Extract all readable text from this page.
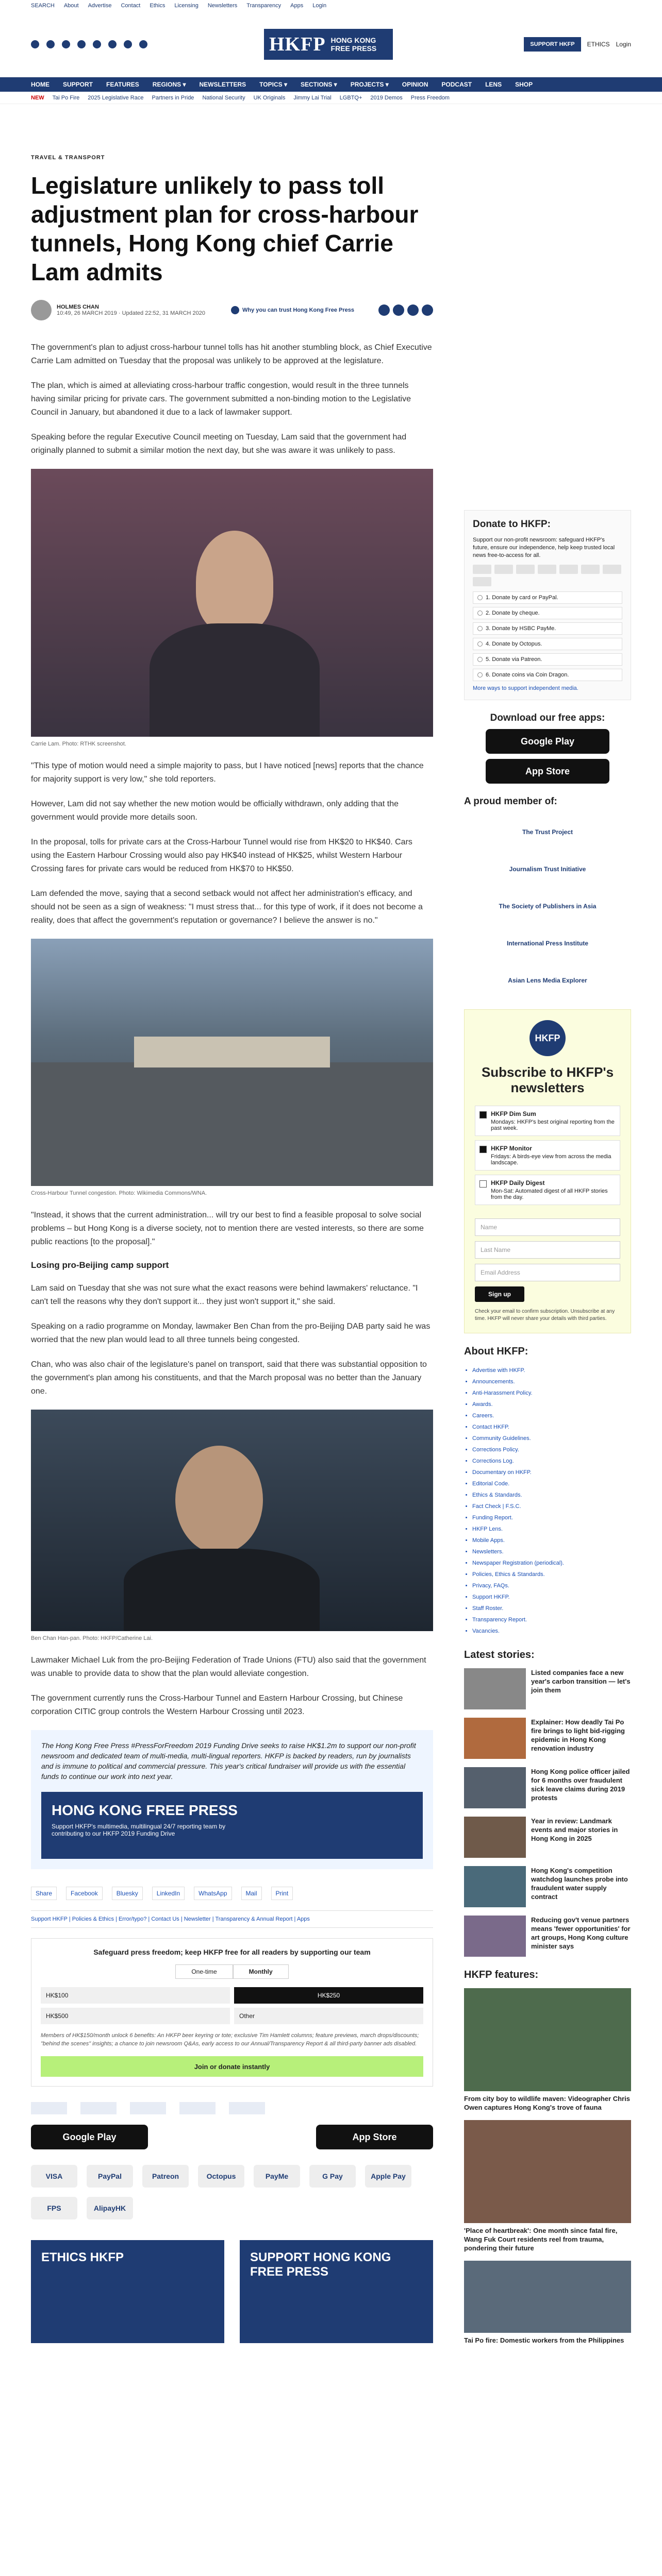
SEARCH About Advertise Contact Ethics Licensing Newsletters Transparency Apps Login
HKFP HONG KONG FREE PRESS	SUPPORT HKFP	ETHICS Login
HOME SUPPORT FEATURES REGIONS ▾ NEWSLETTERS TOPICS ▾ SECTIONS ▾ PROJECTS ▾ OPINION PODCAST LENS SHOP
NEW Tai Po Fire 2025 Legislative Race Partners in Pride National Security UK Originals Jimmy Lai Trial LGBTQ+ 2019 Demos Press Freedom
TRAVEL & TRANSPORT
Legislature unlikely to pass toll adjustment plan for cross-harbour tunnels, Hong Kong chief Carrie Lam admits
HOLMES CHAN
10:49, 26 MARCH 2019 · Updated 22:52, 31 MARCH 2020	Why you can trust Hong Kong Free Press

The government's plan to adjust cross-harbour tunnel tolls has hit another stumbling block, as Chief Executive Carrie Lam admitted on Tuesday that the proposal was unlikely to be approved at the legislature.

The plan, which is aimed at alleviating cross-harbour traffic congestion, would result in the three tunnels having similar pricing for private cars. The government submitted a non-binding motion to the Legislative Council in January, but abandoned it due to a lack of lawmaker support.

Speaking before the regular Executive Council meeting on Tuesday, Lam said that the government had originally planned to submit a similar motion the next day, but she was aware it was unlikely to pass.

Carrie Lam. Photo: RTHK screenshot.

"This type of motion would need a simple majority to pass, but I have noticed [news] reports that the chance for majority support is very low," she told reporters.

However, Lam did not say whether the new motion would be officially withdrawn, only adding that the government would provide more details soon.

In the proposal, tolls for private cars at the Cross-Harbour Tunnel would rise from HK$20 to HK$40. Cars using the Eastern Harbour Crossing would also pay HK$40 instead of HK$25, whilst Western Harbour Crossing fares for private cars would be reduced from HK$70 to HK$50.

Lam defended the move, saying that a second setback would not affect her administration's efficacy, and should not be seen as a sign of weakness: "I must stress that... for this type of work, if it does not become a reality, does that affect the government's reputation or governance? I believe the answer is no."

Cross-Harbour Tunnel congestion. Photo: Wikimedia Commons/WNA.

"Instead, it shows that the current administration... will try our best to find a feasible proposal to solve social problems – but Hong Kong is a diverse society, not to mention there are vested interests, so there are some public reactions [to the proposal]."

Losing pro-Beijing camp support

Lam said on Tuesday that she was not sure what the exact reasons were behind lawmakers' reluctance. "I can't tell the reasons why they don't support it... they just won't support it," she said.

Speaking on a radio programme on Monday, lawmaker Ben Chan from the pro-Beijing DAB party said he was worried that the new plan would lead to all three tunnels being congested.

Chan, who was also chair of the legislature's panel on transport, said that there was substantial opposition to the government's plan among his constituents, and that the March proposal was no better than the January one.

Ben Chan Han-pan. Photo: HKFP/Catherine Lai.

Lawmaker Michael Luk from the pro-Beijing Federation of Trade Unions (FTU) also said that the government was unable to provide data to show that the plan would alleviate congestion.

The government currently runs the Cross-Harbour Tunnel and Eastern Harbour Crossing, but Chinese corporation CITIC group controls the Western Harbour Crossing until 2023.

The Hong Kong Free Press #PressForFreedom 2019 Funding Drive seeks to raise HK$1.2m to support our non-profit newsroom and dedicated team of multi-media, multi-lingual reporters. HKFP is backed by readers, run by journalists and is immune to political and commercial pressure. This year's critical fundraiser will provide us with the essential funds to continue our work into next year.

HONG KONG FREE PRESS
Support HKFP's multimedia, multilingual 24/7 reporting team by contributing to our HKFP 2019 Funding Drive
Share	Facebook	Bluesky	LinkedIn	WhatsApp	Mail	Print
Support HKFP | Policies & Ethics | Error/typo? | Contact Us | Newsletter | Transparency & Annual Report | Apps
Safeguard press freedom; keep HKFP free for all readers by supporting our team
One-time	Monthly
HK$100	HK$250
HK$500	Other
Members of HK$150/month unlock 6 benefits: An HKFP beer keyring or tote; exclusive Tim Hamlett columns; feature previews, march drops/discounts; "behind the scenes" insights; a chance to join newsroom Q&As, early access to our Annual/Transparency Report & all third-party banner ads disabled.
Join or donate instantly
Google Play	App Store
VISA	PayPal	Patreon	Octopus	PayMe	G Pay	Apple Pay
FPS	AlipayHK
ETHICS HKFP	SUPPORT HONG KONG FREE PRESS
Donate to HKFP:

Support our non-profit newsroom: safeguard HKFP's future, ensure our independence, help keep trusted local news free-to-access for all.

1. Donate by card or PayPal.
2. Donate by cheque.
3. Donate by HSBC PayMe.
4. Donate by Octopus.
5. Donate via Patreon.
6. Donate coins via Coin Dragon.
More ways to support independent media.
Download our free apps:
Google Play
App Store
A proud member of:
The Trust Project
Journalism Trust Initiative
The Society of Publishers in Asia
International Press Institute
Asian Lens Media Explorer
HKFP
Subscribe to HKFP's newsletters
HKFP Dim Sum
Mondays: HKFP's best original reporting from the past week.
HKFP Monitor
Fridays: A birds-eye view from across the media landscape.
HKFP Daily Digest
Mon-Sat: Automated digest of all HKFP stories from the day.
Name
Last Name
Email Address
Sign up

Check your email to confirm subscription. Unsubscribe at any time. HKFP will never share your details with third parties.

About HKFP:
• Advertise with HKFP.
• Announcements.
• Anti-Harassment Policy.
• Awards.
• Careers.
• Contact HKFP.
• Community Guidelines.
• Corrections Policy.
• Corrections Log.
• Documentary on HKFP.
• Editorial Code.
• Ethics & Standards.
• Fact Check | F.S.C.
• Funding Report.
• HKFP Lens.
• Mobile Apps.
• Newsletters.
• Newspaper Registration (periodical).
• Policies, Ethics & Standards.
• Privacy, FAQs.
• Support HKFP.
• Staff Roster.
• Transparency Report.
• Vacancies.
Latest stories:
Listed companies face a new year's carbon transition — let's join them
Explainer: How deadly Tai Po fire brings to light bid-rigging epidemic in Hong Kong renovation industry
Hong Kong police officer jailed for 6 months over fraudulent sick leave claims during 2019 protests
Year in review: Landmark events and major stories in Hong Kong in 2025
Hong Kong's competition watchdog launches probe into fraudulent water supply contract
Reducing gov't venue partners means 'fewer opportunities' for art groups, Hong Kong culture minister says
HKFP features:
From city boy to wildlife maven: Videographer Chris Owen captures Hong Kong's trove of fauna
'Place of heartbreak': One month since fatal fire, Wang Fuk Court residents reel from trauma, pondering their future
Tai Po fire: Domestic workers from the Philippines
